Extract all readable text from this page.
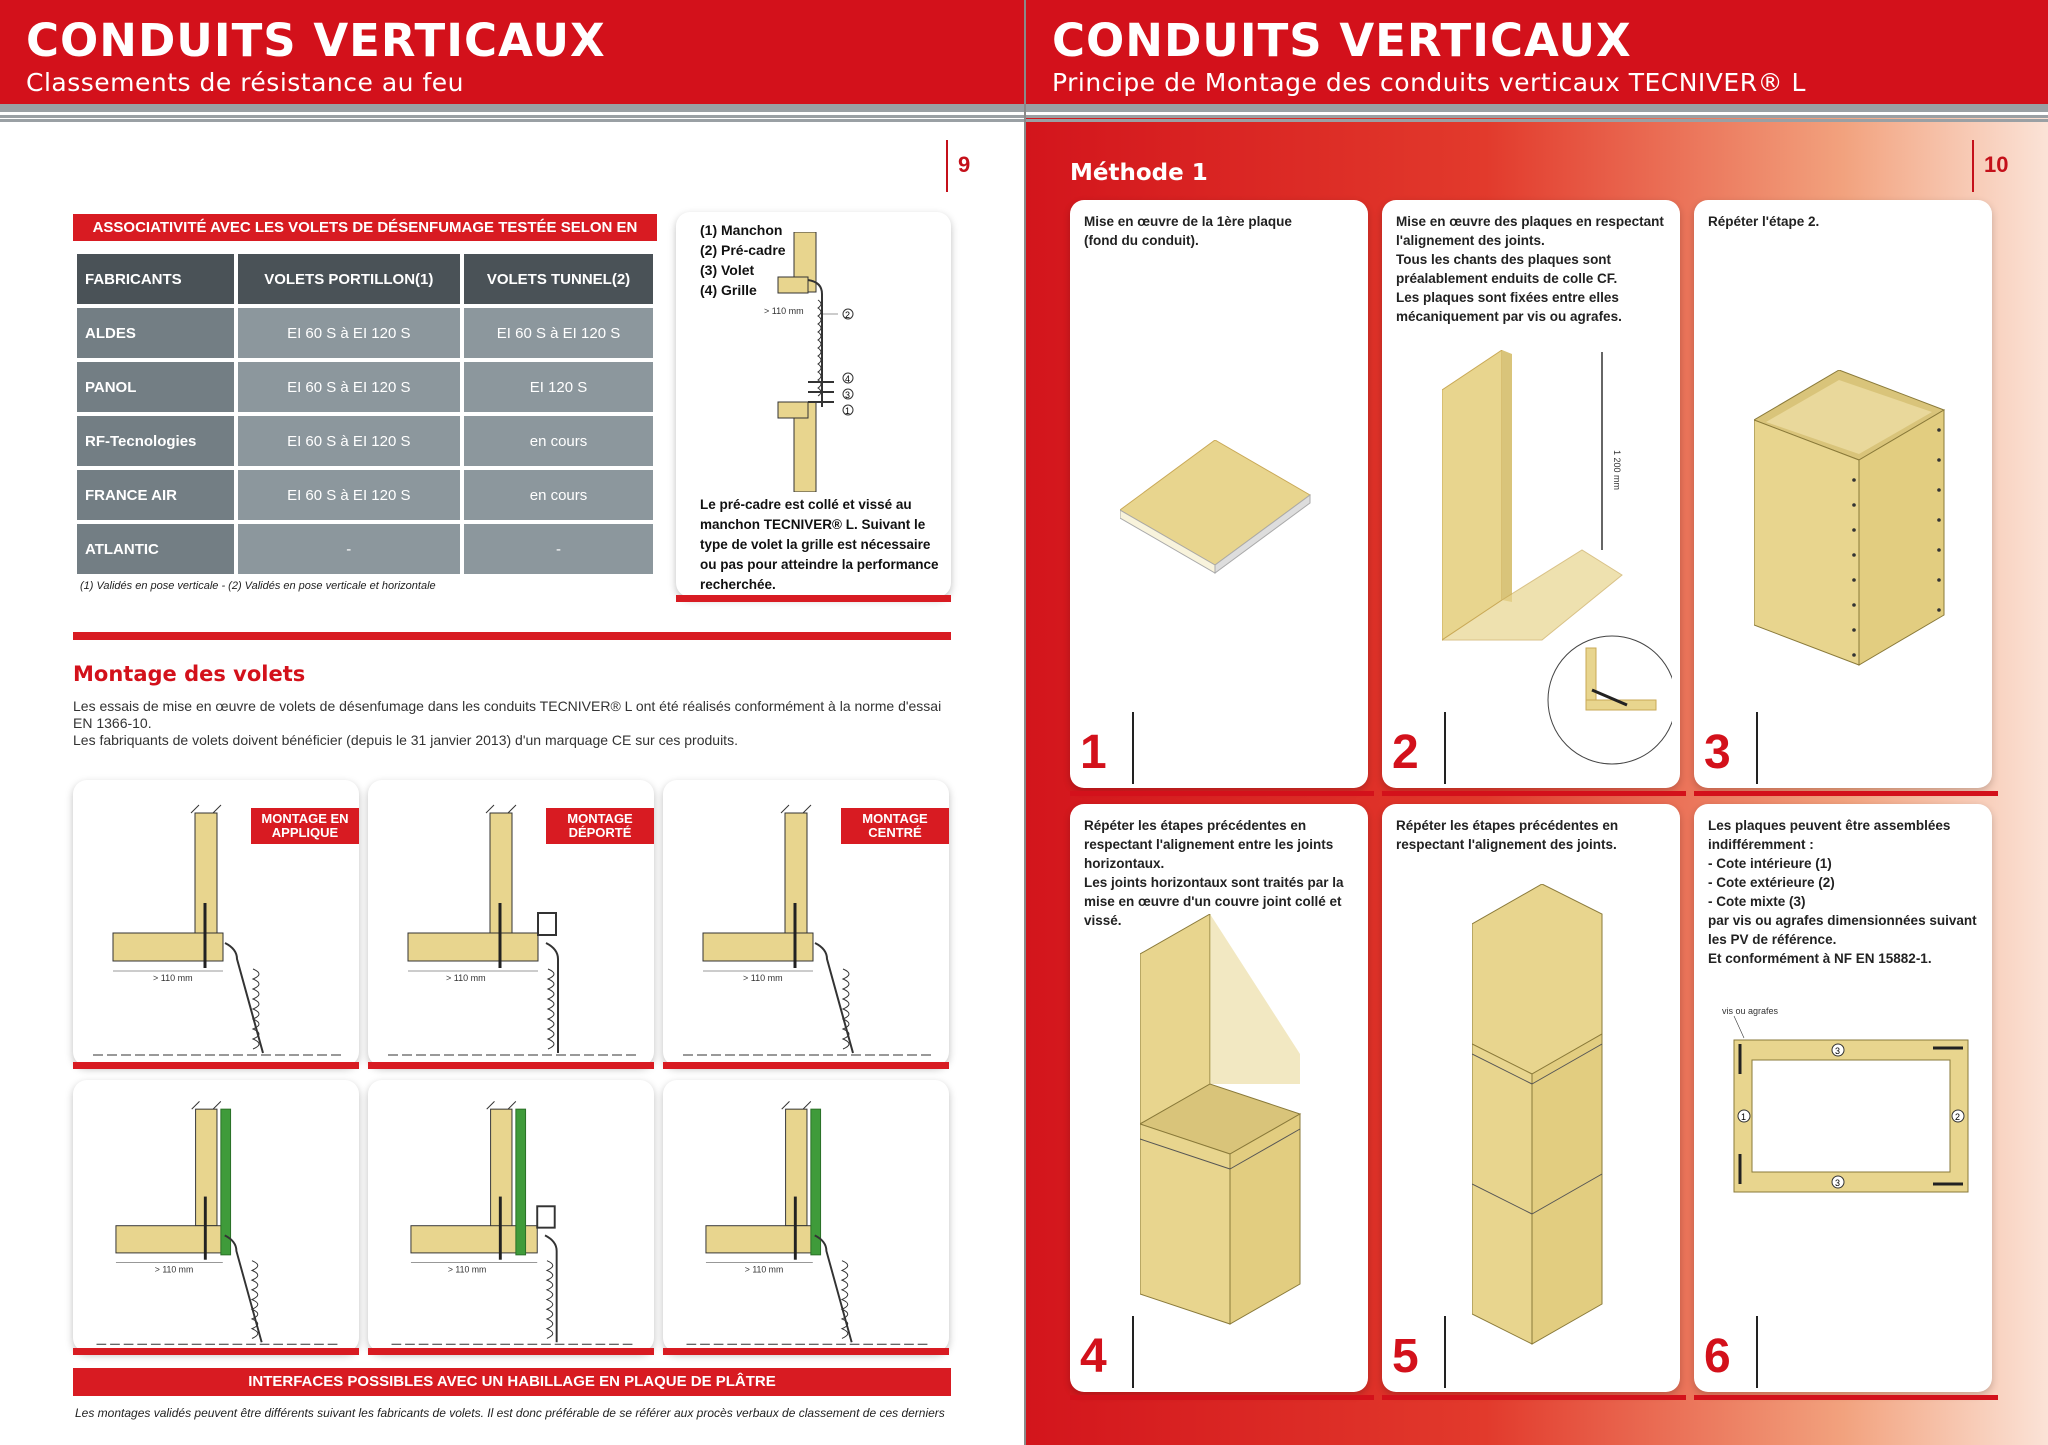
CONDUITS VERTICAUX
Classements de résistance au feu
9
ASSOCIATIVITÉ AVEC LES VOLETS DE DÉSENFUMAGE TESTÉE SELON EN
FABRICANTS	VOLETS PORTILLON(1)	VOLETS TUNNEL(2)
ALDES	EI 60 S à EI 120 S	EI 60 S à EI 120 S
PANOL	EI 60 S à EI 120 S	EI 120 S
RF-Tecnologies	EI 60 S à EI 120 S	en cours
FRANCE AIR	EI 60 S à EI 120 S	en cours
ATLANTIC	-	-
(1) Validés en pose verticale - (2) Validés en pose verticale et horizontale
> 110 mm	2
4
3
1
(1) Manchon
(2) Pré-cadre
(3) Volet
(4) Grille
Le pré-cadre est collé et vissé au manchon TECNIVER® L. Suivant le type de volet la grille est nécessaire ou pas pour atteindre la performance recherchée.
Montage des volets

Les essais de mise en œuvre de volets de désenfumage dans les conduits TECNIVER® L ont été réalisés conformément à la norme d'essai EN 1366-10.

Les fabriquants de volets doivent bénéficier (depuis le 31 janvier 2013) d'un marquage CE sur ces produits.

> 110 mm
MONTAGE EN APPLIQUE
> 110 mm
MONTAGE DÉPORTÉ
> 110 mm
MONTAGE CENTRÉ
> 110 mm	> 110 mm	> 110 mm
INTERFACES POSSIBLES AVEC UN HABILLAGE EN PLAQUE DE PLÂTRE
Les montages validés peuvent être différents suivant les fabricants de volets. Il est donc préférable de se référer aux procès verbaux de classement de ces derniers
CONDUITS VERTICAUX
Principe de Montage des conduits verticaux TECNIVER® L
10
Méthode 1

Mise en œuvre de la 1ère plaque

(fond du conduit).

1

Mise en œuvre des plaques en respectant l'alignement des joints.

Tous les chants des plaques sont préalablement enduits de colle CF.

Les plaques sont fixées entre elles mécaniquement par vis ou agrafes.

1 200 mm
2

Répéter l'étape 2.

3

Répéter les étapes précédentes en respectant l'alignement entre les joints horizontaux.

Les joints horizontaux sont traités par la mise en œuvre d'un couvre joint collé et vissé.

4

Répéter les étapes précédentes en respectant l'alignement des joints.

5

Les plaques peuvent être assemblées indifféremment :

- Cote intérieure (1)

- Cote extérieure (2)

- Cote mixte (3)

par vis ou agrafes dimensionnées suivant les PV de référence.

Et conformément à NF EN 15882-1.

vis ou agrafes
3
1	2
3
6
